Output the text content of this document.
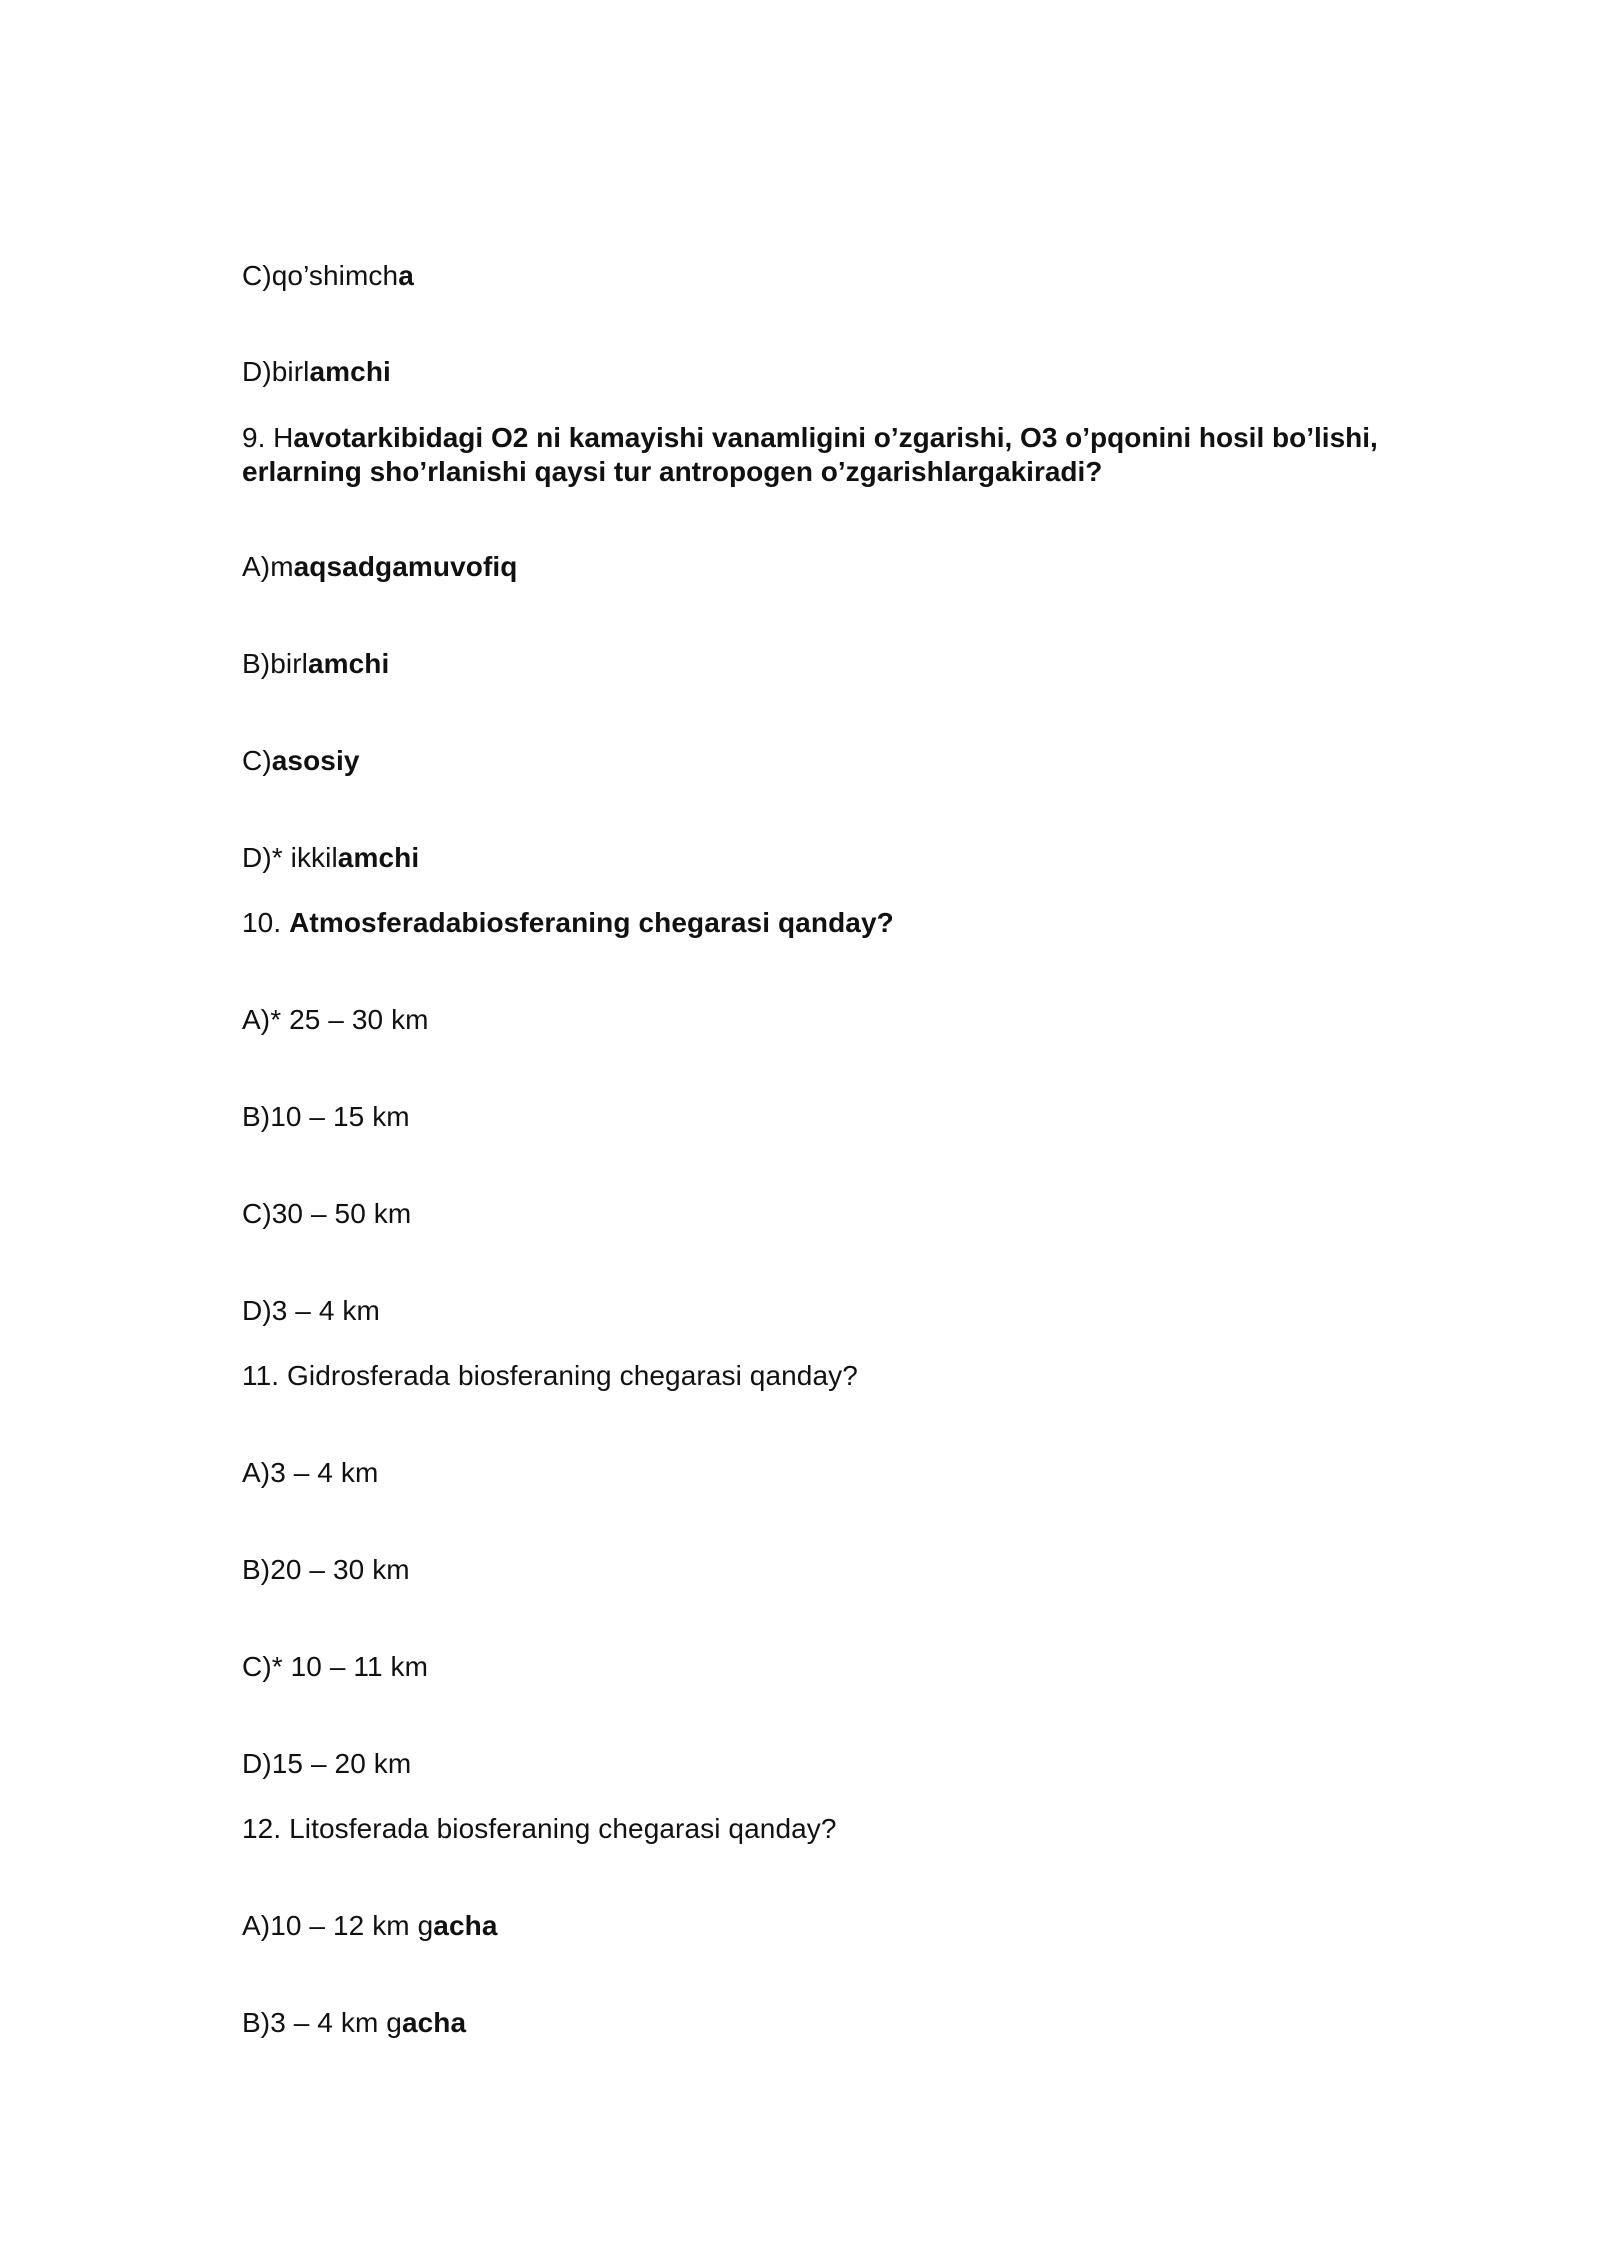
C)qo’shimcha
D)birlamchi
9. Havotarkibidagi O2 ni kamayishi vanamligini o’zgarishi, O3 o’pqonini hosil bo’lishi,
erlarning sho’rlanishi qaysi tur antropogen o’zgarishlargakiradi?
A)maqsadgamuvofiq
B)birlamchi
C)asosiy
D)* ikkilamchi
10. Atmosferadabiosferaning chegarasi qanday?
A)* 25 – 30 km
B)10 – 15 km
C)30 – 50 km
D)3 – 4 km
11. Gidrosferada biosferaning chegarasi qanday?
A)3 – 4 km
B)20 – 30 km
C)* 10 – 11 km
D)15 – 20 km
12. Litosferada biosferaning chegarasi qanday?
A)10 – 12 km gacha
B)3 – 4 km gacha
